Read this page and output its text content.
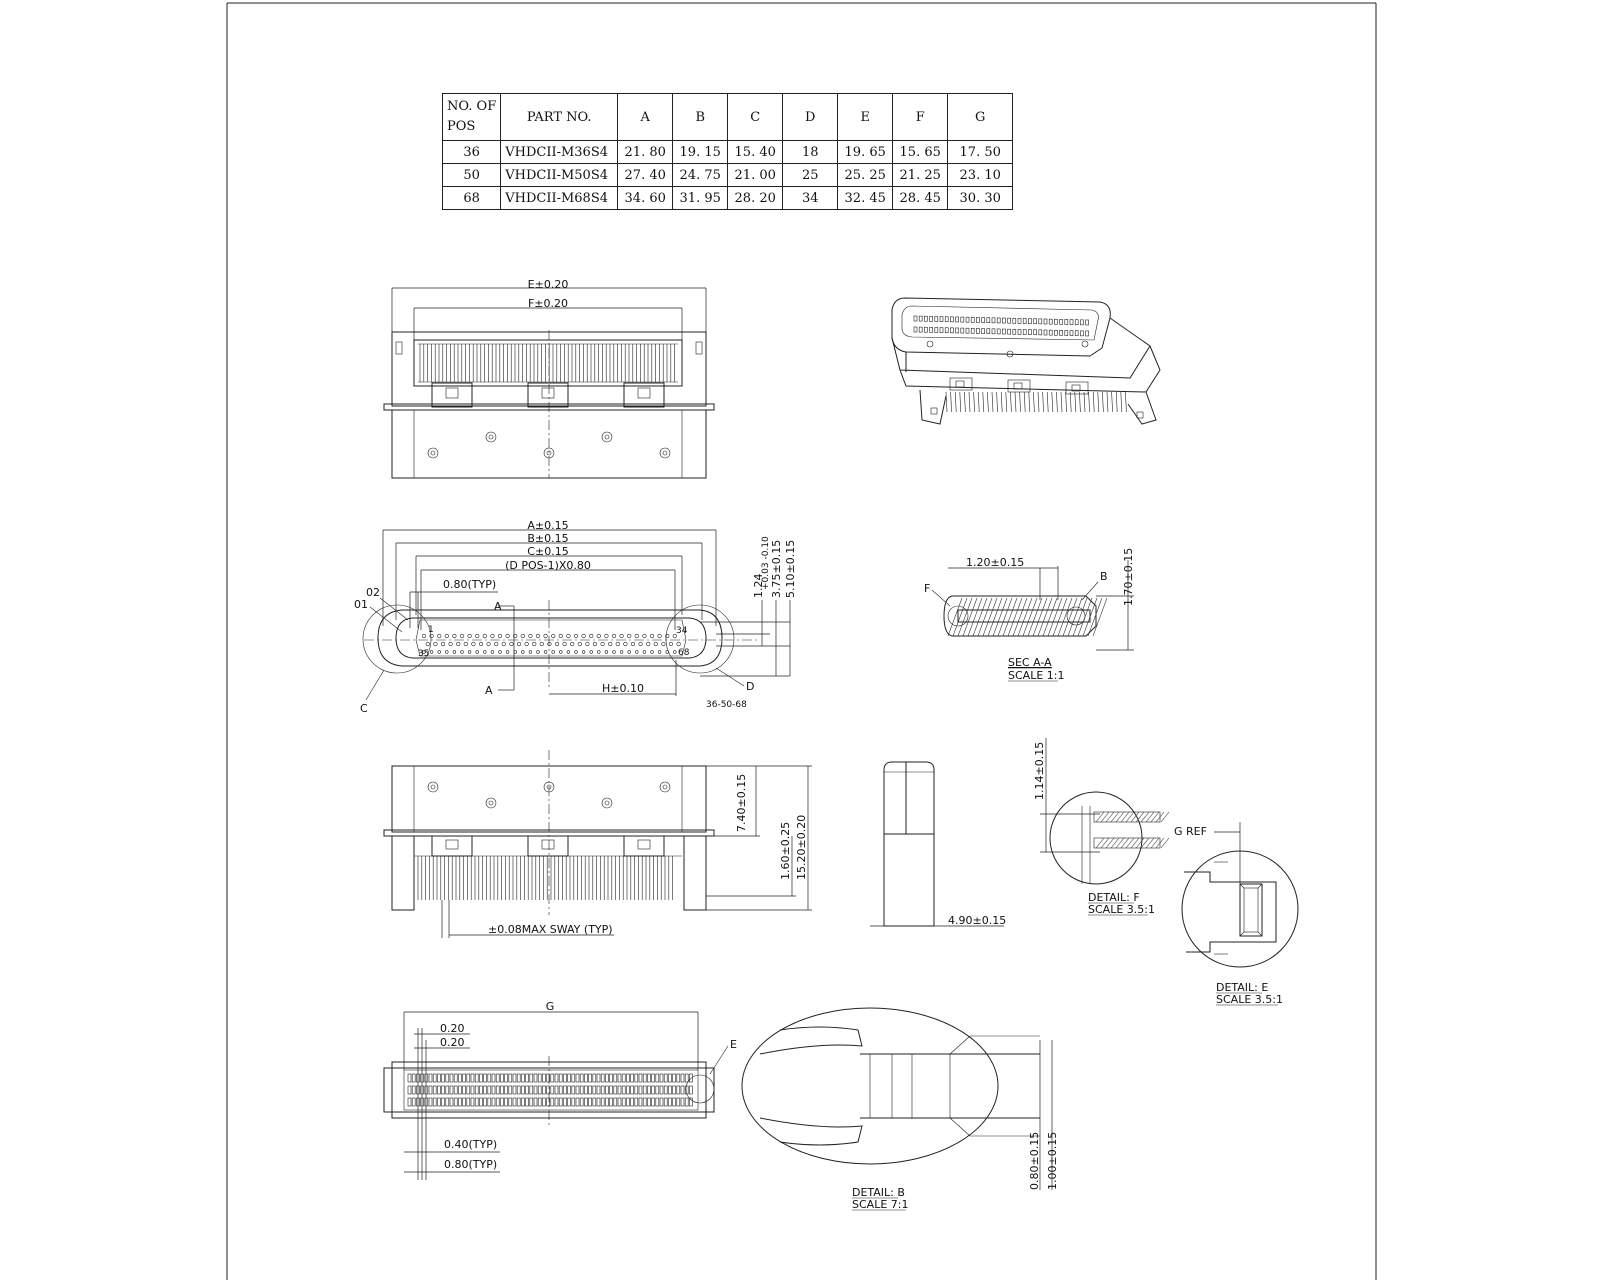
E±0.20
F±0.20
A±0.15
B±0.15
C±0.15
(D POS-1)X0.80
0.80(TYP)
1	34
35	68
1.24
+0.03 -0.10 3.75±0.15 5.10±0.15
H±0.10
A
A
01
02
C
D
36-50-68
1.20±0.15	1.70±0.15
F
B
SEC A-A
SCALE 1:1
7.40±0.15
1.60±0.25 15.20±0.20
±0.08MAX SWAY (TYP)
4.90±0.15
1.14±0.15
DETAIL: F
SCALE 3.5:1
G REF
DETAIL: E
SCALE 3.5:1
G
0.20
0.20	E
0.40(TYP)
0.80(TYP)	0.80±0.15 1.00±0.15
DETAIL: B
SCALE 7:1
NO. OF
POS	PART NO.	A	B	C	D	E	F	G
36	VHDCII-M36S4	21. 80	19. 15	15. 40	18	19. 65	15. 65	17. 50
50	VHDCII-M50S4	27. 40	24. 75	21. 00	25	25. 25	21. 25	23. 10
68	VHDCII-M68S4	34. 60	31. 95	28. 20	34	32. 45	28. 45	30. 30
